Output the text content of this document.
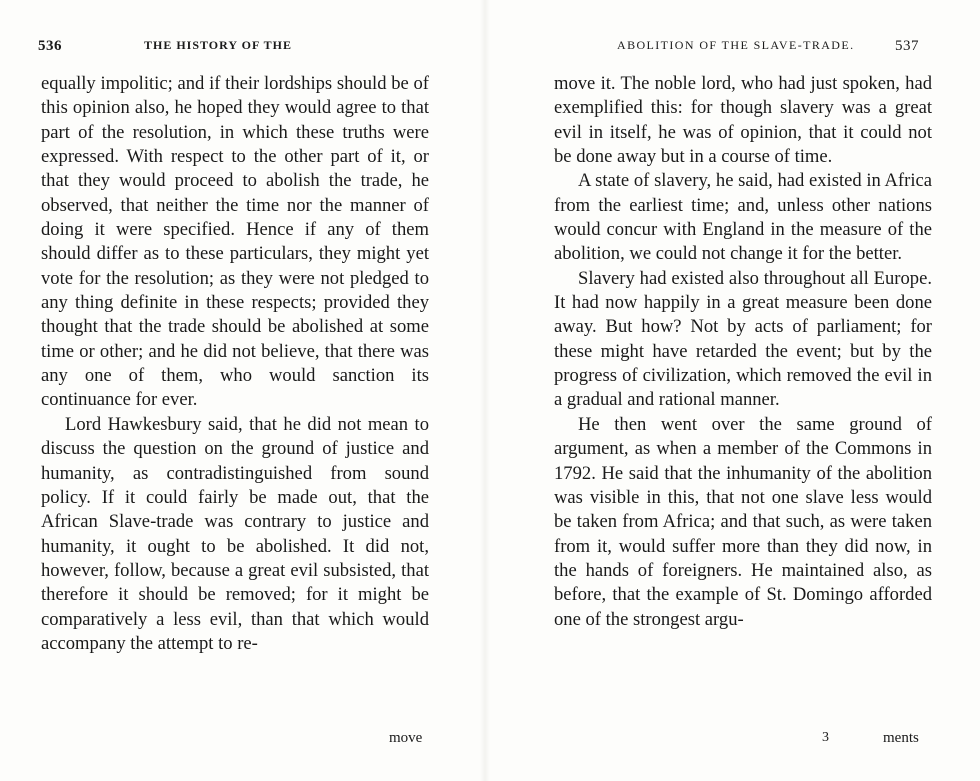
536	THE HISTORY OF THE

equally impolitic; and if their lordships should be of this opinion also, he hoped they would agree to that part of the resolution, in which these truths were expressed. With respect to the other part of it, or that they would proceed to abolish the trade, he observed, that neither the time nor the manner of doing it were specified. Hence if any of them should differ as to these particulars, they might yet vote for the resolution; as they were not pledged to any thing definite in these respects; provided they thought that the trade should be abolished at some time or other; and he did not believe, that there was any one of them, who would sanction its continuance for ever.

Lord Hawkesbury said, that he did not mean to discuss the question on the ground of justice and humanity, as contradistinguished from sound policy. If it could fairly be made out, that the African Slave-trade was contrary to justice and humanity, it ought to be abolished. It did not, however, follow, because a great evil subsisted, that therefore it should be removed; for it might be comparatively a less evil, than that which would accompany the attempt to re-

move
ABOLITION OF THE SLAVE-TRADE.	537

move it. The noble lord, who had just spoken, had exemplified this: for though slavery was a great evil in itself, he was of opinion, that it could not be done away but in a course of time.

A state of slavery, he said, had existed in Africa from the earliest time; and, unless other nations would concur with England in the measure of the abolition, we could not change it for the better.

Slavery had existed also throughout all Europe. It had now happily in a great measure been done away. But how? Not by acts of parliament; for these might have retarded the event; but by the progress of civilization, which removed the evil in a gradual and rational manner.

He then went over the same ground of argument, as when a member of the Commons in 1792. He said that the inhumanity of the abolition was visible in this, that not one slave less would be taken from Africa; and that such, as were taken from it, would suffer more than they did now, in the hands of foreigners. He maintained also, as before, that the example of St. Domingo afforded one of the strongest argu-

3	ments
